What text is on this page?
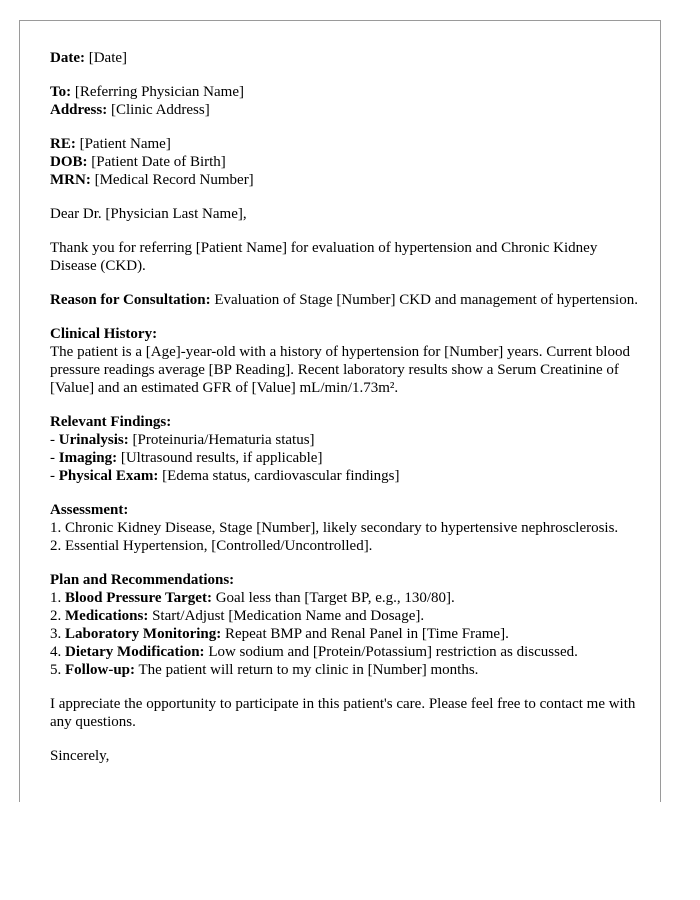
Date: [Date]

To: [Referring Physician Name]
Address: [Clinic Address]

RE: [Patient Name]
DOB: [Patient Date of Birth]
MRN: [Medical Record Number]

Dear Dr. [Physician Last Name],

Thank you for referring [Patient Name] for evaluation of hypertension and Chronic Kidney Disease (CKD).

Reason for Consultation: Evaluation of Stage [Number] CKD and management of hypertension.

Clinical History:
The patient is a [Age]-year-old with a history of hypertension for [Number] years. Current blood pressure readings average [BP Reading]. Recent laboratory results show a Serum Creatinine of [Value] and an estimated GFR of [Value] mL/min/1.73m².

Relevant Findings:
- Urinalysis: [Proteinuria/Hematuria status]
- Imaging: [Ultrasound results, if applicable]
- Physical Exam: [Edema status, cardiovascular findings]

Assessment:
1. Chronic Kidney Disease, Stage [Number], likely secondary to hypertensive nephrosclerosis.
2. Essential Hypertension, [Controlled/Uncontrolled].

Plan and Recommendations:
1. Blood Pressure Target: Goal less than [Target BP, e.g., 130/80].
2. Medications: Start/Adjust [Medication Name and Dosage].
3. Laboratory Monitoring: Repeat BMP and Renal Panel in [Time Frame].
4. Dietary Modification: Low sodium and [Protein/Potassium] restriction as discussed.
5. Follow-up: The patient will return to my clinic in [Number] months.

I appreciate the opportunity to participate in this patient's care. Please feel free to contact me with any questions.

Sincerely,
